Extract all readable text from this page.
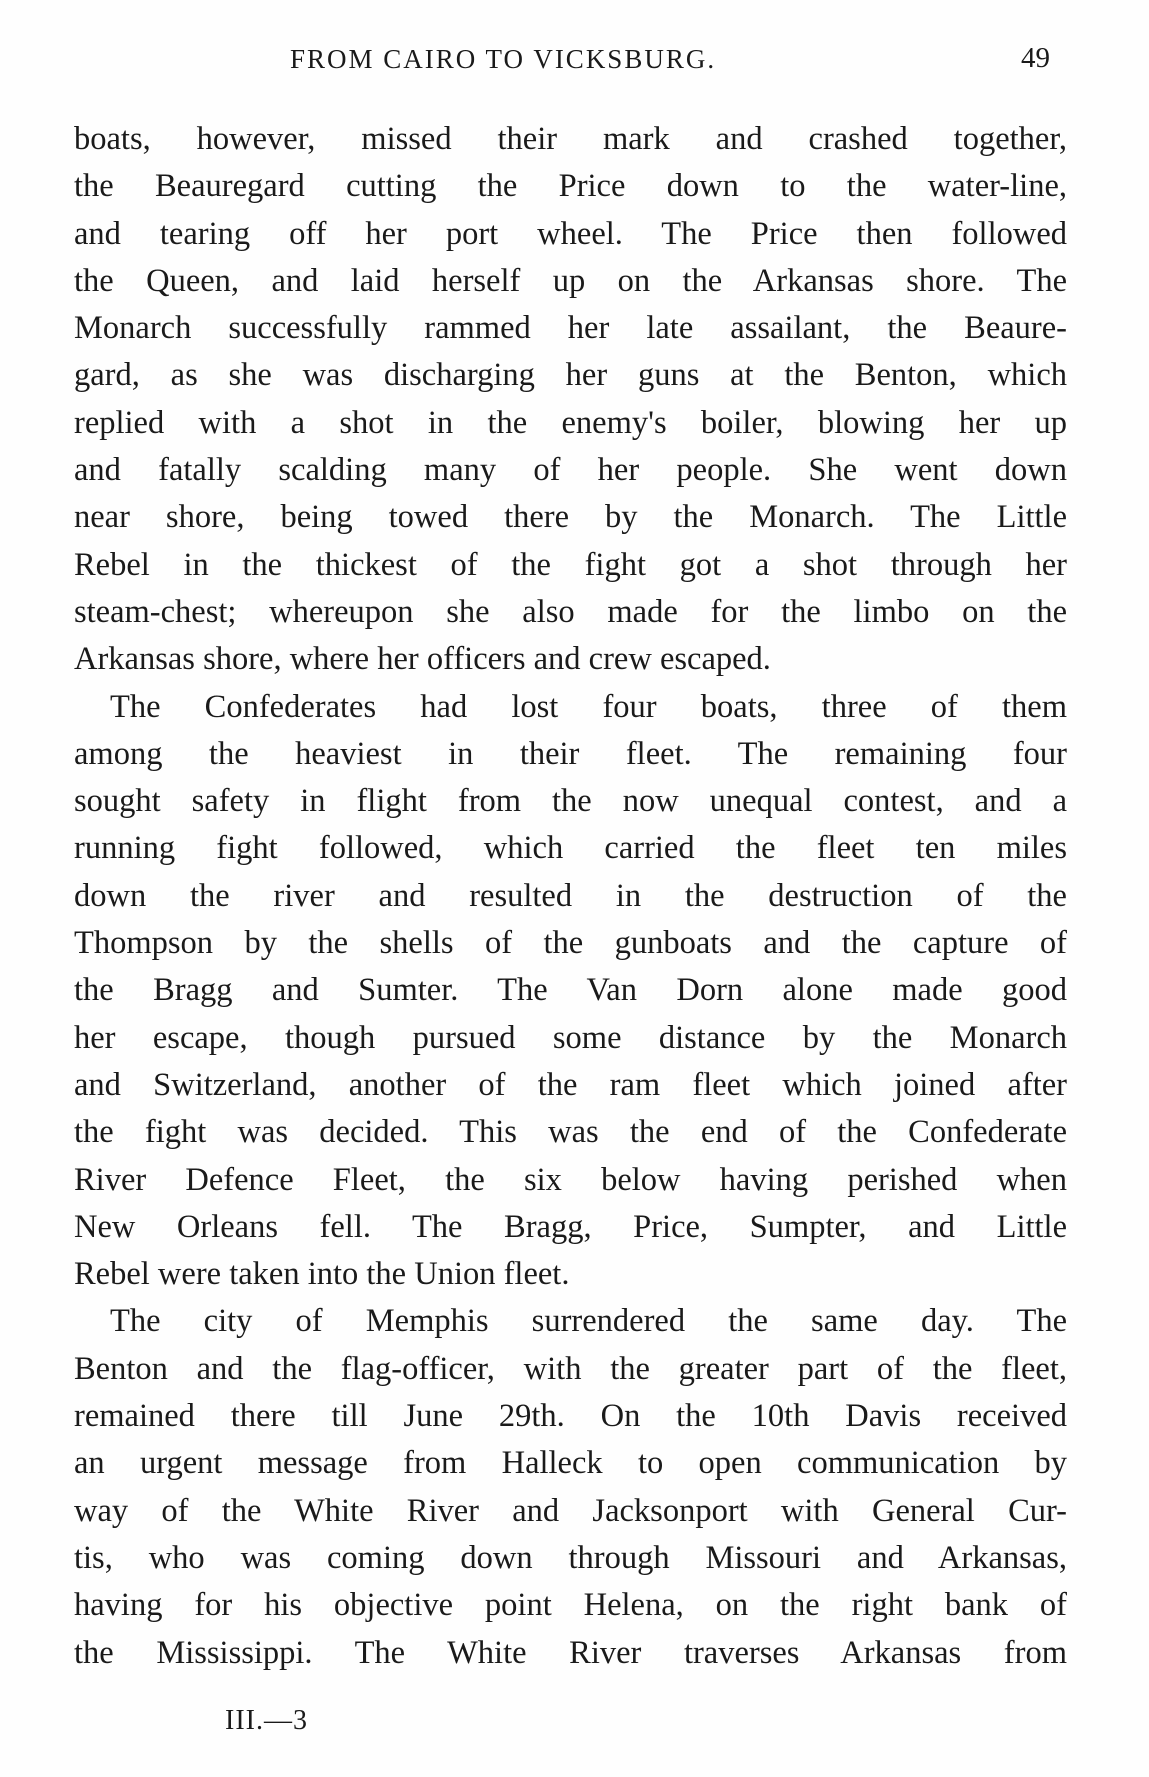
FROM CAIRO TO VICKSBURG.	49
boats, however, missed their mark and crashed together,
the Beauregard cutting the Price down to the water-line,
and tearing off her port wheel. The Price then followed
the Queen, and laid herself up on the Arkansas shore. The
Monarch successfully rammed her late assailant, the Beaure-
gard, as she was discharging her guns at the Benton, which
replied with a shot in the enemy's boiler, blowing her up
and fatally scalding many of her people. She went down
near shore, being towed there by the Monarch. The Little
Rebel in the thickest of the fight got a shot through her
steam-chest; whereupon she also made for the limbo on the
Arkansas shore, where her officers and crew escaped.
The Confederates had lost four boats, three of them
among the heaviest in their fleet. The remaining four
sought safety in flight from the now unequal contest, and a
running fight followed, which carried the fleet ten miles
down the river and resulted in the destruction of the
Thompson by the shells of the gunboats and the capture of
the Bragg and Sumter. The Van Dorn alone made good
her escape, though pursued some distance by the Monarch
and Switzerland, another of the ram fleet which joined after
the fight was decided. This was the end of the Confederate
River Defence Fleet, the six below having perished when
New Orleans fell. The Bragg, Price, Sumpter, and Little
Rebel were taken into the Union fleet.
The city of Memphis surrendered the same day. The
Benton and the flag-officer, with the greater part of the fleet,
remained there till June 29th. On the 10th Davis received
an urgent message from Halleck to open communication by
way of the White River and Jacksonport with General Cur-
tis, who was coming down through Missouri and Arkansas,
having for his objective point Helena, on the right bank of
the Mississippi. The White River traverses Arkansas from
III.—3
